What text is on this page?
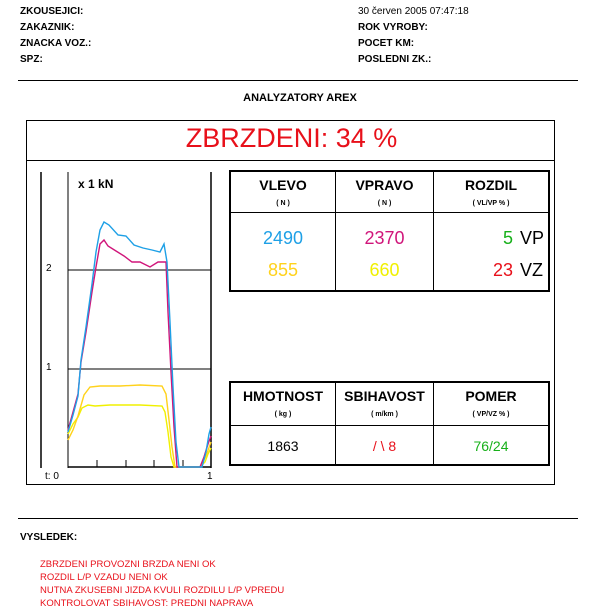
ZKOUSEJICI:
ZAKAZNIK:
ZNACKA VOZ.:
SPZ:
30 červen 2005 07:47:18
ROK VYROBY:
POCET KM:
POSLEDNI ZK.:
ANALYZATORY AREX
ZBRZDENI: 34 %
x 1 kN
2
1
t: 0	1
VLEVO
( N )
VPRAVO
( N )
ROZDIL
( VL/VP % )
2490	2370	5 VP
855	660	23 VZ
HMOTNOST
( kg )
SBIHAVOST
( m/km )
POMER
( VP/VZ % )
1863	/ \ 8	76/24
VYSLEDEK:
ZBRZDENI PROVOZNI BRZDA NENI OK
ROZDIL L/P VZADU NENI OK
NUTNA ZKUSEBNI JIZDA KVULI ROZDILU L/P VPREDU
KONTROLOVAT SBIHAVOST: PREDNI NAPRAVA
